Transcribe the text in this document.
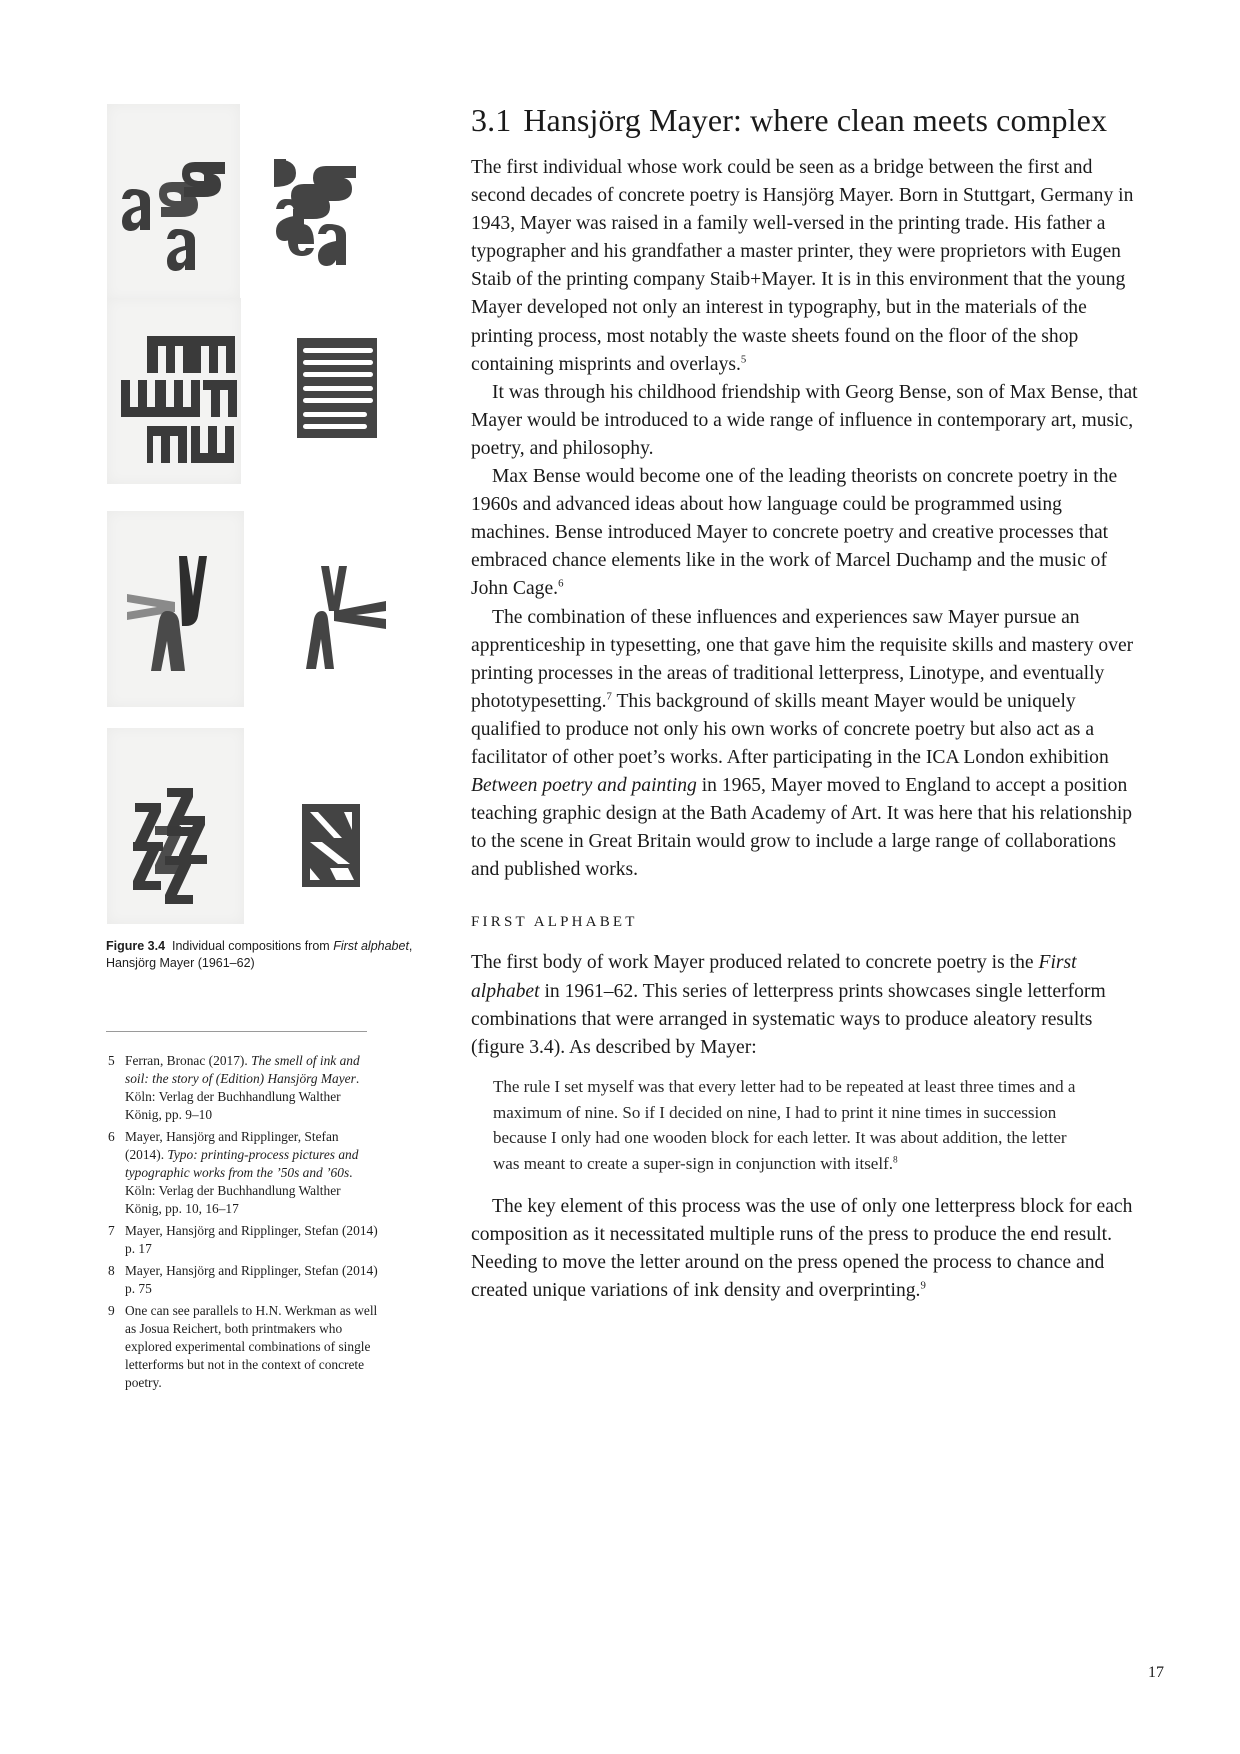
Figure 3.4 Individual compositions from First alphabet,
Hansjörg Mayer (1961–62)
5 Ferran, Bronac (2017). The smell of ink and soil: the story of (Edition) Hansjörg Mayer. Köln: Verlag der Buchhandlung Walther König, pp. 9–10
6 Mayer, Hansjörg and Ripplinger, Stefan (2014). Typo: printing-process pictures and typographic works from the ’50s and ’60s. Köln: Verlag der Buchhandlung Walther König, pp. 10, 16–17
7 Mayer, Hansjörg and Ripplinger, Stefan (2014) p. 17
8 Mayer, Hansjörg and Ripplinger, Stefan (2014) p. 75
9 One can see parallels to H.N. Werkman as well as Josua Reichert, both printmakers who explored experimental combinations of single letterforms but not in the context of concrete poetry.
3.1 Hansjörg Mayer: where clean meets complex

The first individual whose work could be seen as a bridge between the first and second decades of concrete poetry is Hansjörg Mayer. Born in Stuttgart, Germany in 1943, Mayer was raised in a family well-versed in the printing trade. His father a typographer and his grandfather a master printer, they were proprietors with Eugen Staib of the printing company Staib+Mayer. It is in this environment that the young Mayer developed not only an interest in typography, but in the materials of the printing process, most notably the waste sheets found on the floor of the shop containing misprints and overlays.$^5$

It was through his childhood friendship with Georg Bense, son of Max Bense, that Mayer would be introduced to a wide range of influence in contemporary art, music, poetry, and philosophy.

Max Bense would become one of the leading theorists on concrete poetry in the 1960s and advanced ideas about how language could be programmed using machines. Bense introduced Mayer to concrete poetry and creative processes that embraced chance elements like in the work of Marcel Duchamp and the music of John Cage.$^6$

The combination of these influences and experiences saw Mayer pursue an apprenticeship in typesetting, one that gave him the requisite skills and mastery over printing processes in the areas of traditional letterpress, Linotype, and eventually phototypesetting.$^7$ This background of skills meant Mayer would be uniquely qualified to produce not only his own works of concrete poetry but also act as a facilitator of other poet’s works. After participating in the ICA London exhibition Between poetry and painting in 1965, Mayer moved to England to accept a position teaching graphic design at the Bath Academy of Art. It was here that his relationship to the scene in Great Britain would grow to include a large range of collaborations and published works.

FIRST ALPHABET

The first body of work Mayer produced related to concrete poetry is the First alphabet in 1961–62. This series of letterpress prints showcases single letterform combinations that were arranged in systematic ways to produce aleatory results (figure 3.4). As described by Mayer:

The rule I set myself was that every letter had to be repeated at least three times and a maximum of nine. So if I decided on nine, I had to print it nine times in succession because I only had one wooden block for each letter. It was about addition, the letter was meant to create a super-sign in conjunction with itself.$^8$

The key element of this process was the use of only one letterpress block for each composition as it necessitated multiple runs of the press to produce the end result. Needing to move the letter around on the press opened the process to chance and created unique variations of ink density and overprinting.$^9$

17
